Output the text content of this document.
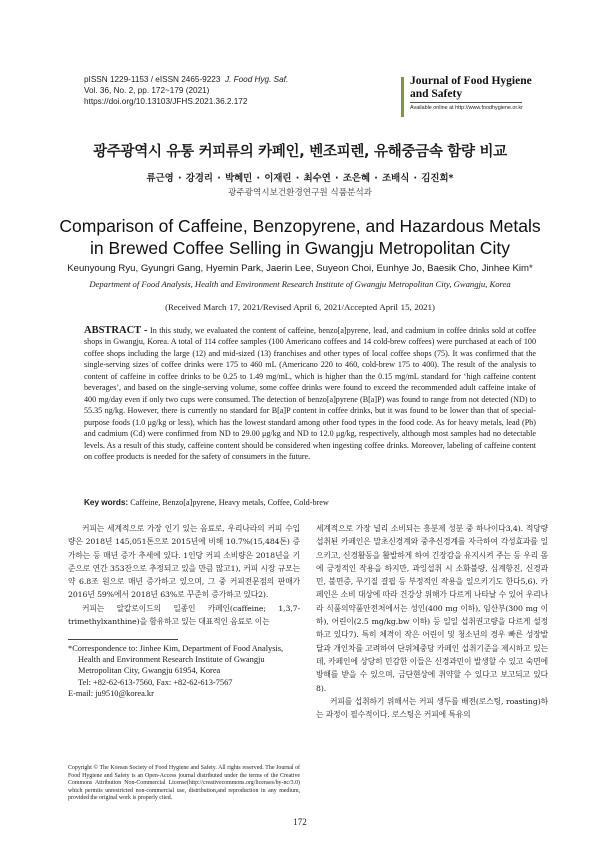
pISSN 1229-1153 / eISSN 2465-9223 J. Food Hyg. Saf.
Vol. 36, No. 2, pp. 172~179 (2021)
https://doi.org/10.13103/JFHS.2021.36.2.172
Journal of Food Hygiene
and Safety
Available online at http://www.foodhygiene.or.kr
광주광역시 유통 커피류의 카페인, 벤조피렌, 유해중금속 함량 비교
류근영 · 강경리 · 박혜민 · 이재린 · 최수연 · 조은혜 · 조배식 · 김진희*
광주광역시보건환경연구원 식품분석과
Comparison of Caffeine, Benzopyrene, and Hazardous Metals
in Brewed Coffee Selling in Gwangju Metropolitan City
Keunyoung Ryu, Gyungri Gang, Hyemin Park, Jaerin Lee, Suyeon Choi, Eunhye Jo, Baesik Cho, Jinhee Kim*
Department of Food Analysis, Health and Environment Research Institute of Gwangju Metropolitan City, Gwangju, Korea
(Received March 17, 2021/Revised April 6, 2021/Accepted April 15, 2021)
ABSTRACT - In this study, we evaluated the content of caffeine, benzo[a]pyrene, lead, and cadmium in coffee drinks sold at coffee shops in Gwangju, Korea. A total of 114 coffee samples (100 Americano coffees and 14 cold-brew coffees) were purchased at each of 100 coffee shops including the large (12) and mid-sized (13) franchises and other types of local coffee shops (75). It was confirmed that the single-serving sizes of coffee drinks were 175 to 460 mL (Americano 220 to 460, cold-brew 175 to 400). The result of the analysis to content of caffeine in coffee drinks to be 0.25 to 1.49 mg/mL, which is higher than the 0.15 mg/mL standard for ‘high caffeine content beverages’, and based on the single-serving volume, some coffee drinks were found to exceed the recommended adult caffeine intake of 400 mg/day even if only two cups were consumed. The detection of benzo[a]pyrene (B[a]P) was found to range from not detected (ND) to 55.35 ng/kg. However, there is currently no standard for B[a]P content in coffee drinks, but it was found to be lower than that of special-purpose foods (1.0 μg/kg or less), which has the lowest standard among other food types in the food code. As for heavy metals, lead (Pb) and cadmium (Cd) were confirmed from ND to 29.00 μg/kg and ND to 12.0 μg/kg, respectively, although most samples had no detectable levels. As a result of this study, caffeine content should be considered when ingesting coffee drinks. Moreover, labeling of caffeine content on coffee products is needed for the safety of consumers in the future.
Key words: Caffeine, Benzo[a]pyrene, Heavy metals, Coffee, Cold-brew

커피는 세계적으로 가장 인기 있는 음료로, 우리나라의 커피 수입량은 2018년 145,051톤으로 2015년에 비해 10.7%(15,484톤) 증가하는 등 매년 증가 추세에 있다. 1인당 커피 소비량은 2018년을 기준으로 연간 353잔으로 추정되고 있을 만큼 많고1), 커피 시장 규모는 약 6.8조 원으로 매년 증가하고 있으며, 그 중 커피전문점의 판매가 2016년 59%에서 2018년 63%로 꾸준히 증가하고 있다2).

커피는 알칼로이드의 일종인 카페인(caffeine; 1,3,7-trimethylxanthine)을 함유하고 있는 대표적인 음료로 이는

세계적으로 가장 널리 소비되는 흥분제 성분 중 하나이다3,4). 적당량 섭취된 카페인은 말초신경계와 중추신경계를 자극하여 각성효과를 일으키고, 신경활동을 활발하게 하여 긴장감을 유지시켜 주는 등 우리 몸에 긍정적인 작용을 하지만, 과잉섭취 시 소화불량, 심계항진, 신경과민, 불면증, 무기질 결핍 등 부정적인 작용을 일으키기도 한다5,6). 카페인은 소비 대상에 따라 건강상 위해가 다르게 나타날 수 있어 우리나라 식품의약품안전처에서는 성인(400 mg 이하), 임산부(300 mg 이하), 어린이(2.5 mg/kg.bw 이하) 등 일일 섭취권고량을 다르게 설정하고 있다7). 특히 체격이 작은 어린이 및 청소년의 경우 빠른 성장발달과 개인차를 고려하여 단위체중당 카페인 섭취기준을 제시하고 있는데, 카페인에 상당히 민감한 이들은 신경과민이 발생할 수 있고 숙면에 방해를 받을 수 있으며, 금단현상에 취약할 수 있다고 보고되고 있다8).

커피를 섭취하기 위해서는 커피 생두를 배전(로스팅, roasting)하는 과정이 필수적이다. 로스팅은 커피에 특유의

*Correspondence to: Jinhee Kim, Department of Food Analysis,
Health and Environment Research Institute of Gwangju
Metropolitan City, Gwangju 61954, Korea
Tel: +82-62-613-7560, Fax: +82-62-613-7567
E-mail: ju9510@korea.kr
Copyright © The Korean Society of Food Hygiene and Safety. All rights reserved. The Journal of Food Hygiene and Safety is an Open-Access journal distributed under the terms of the Creative Commons Attribution Non-Commercial License(http://creativecommons.org/licenses/by-nc/3.0) which permits unrestricted non-commercial use, distribution,and reproduction in any medium, provided the original work is properly cited.
172
